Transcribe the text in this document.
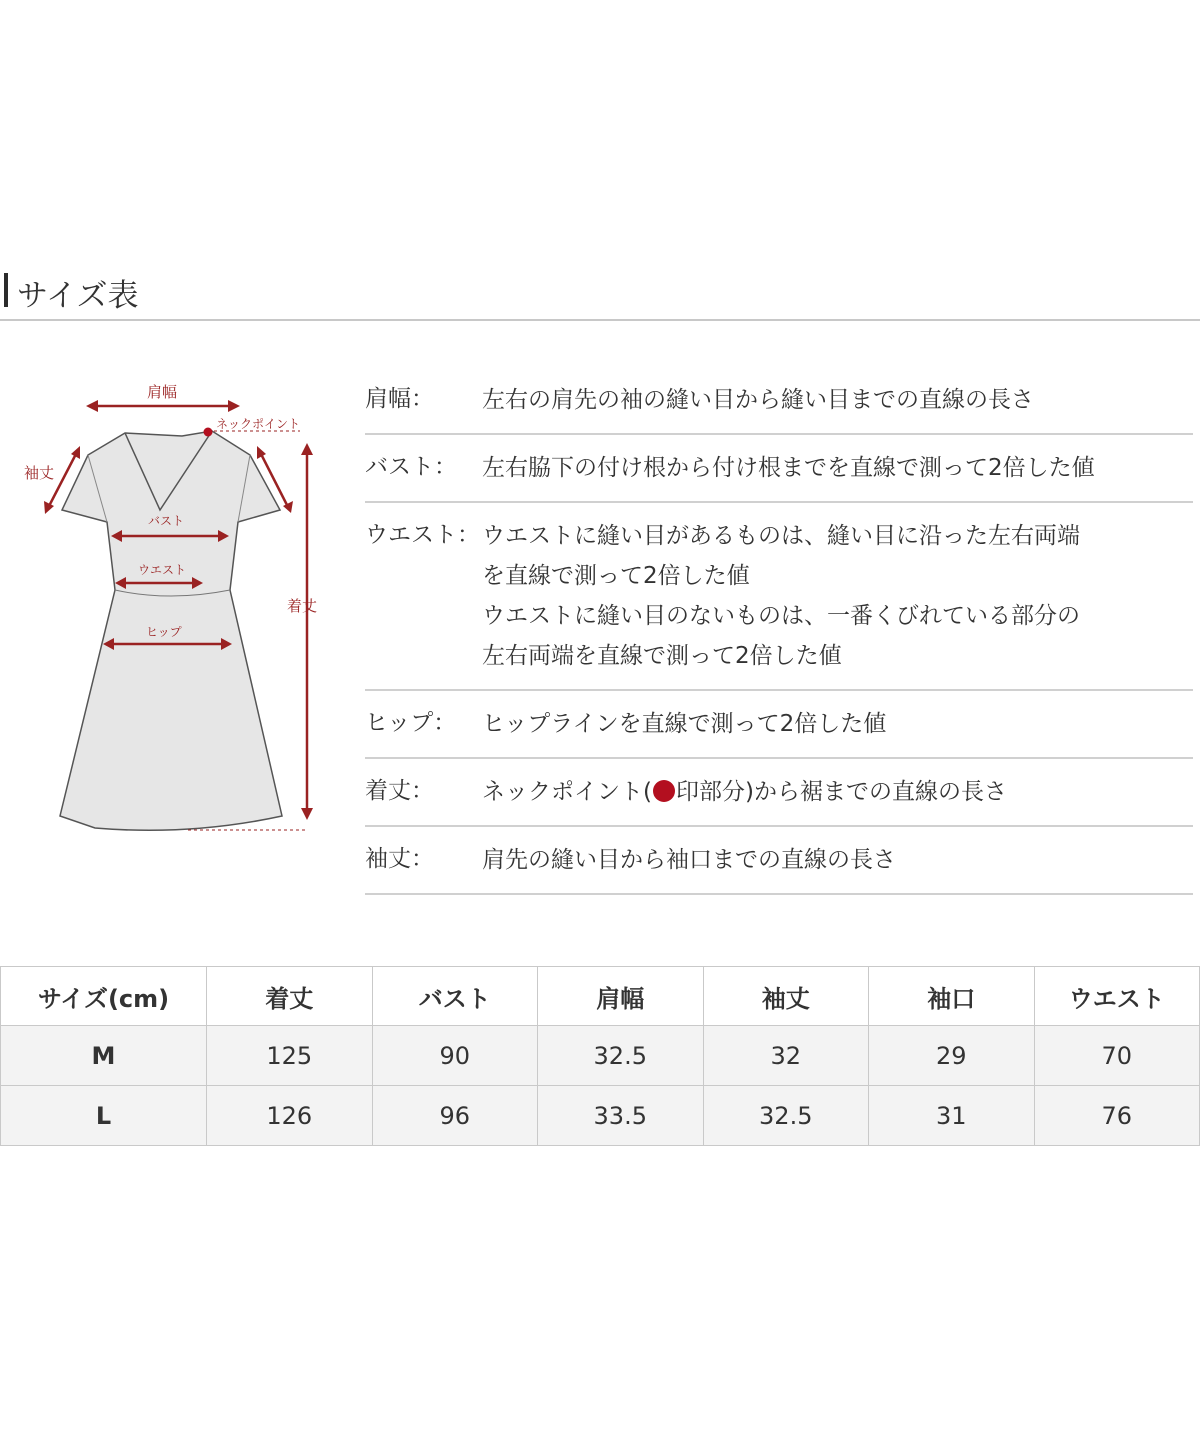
サイズ表
肩幅
ネックポイント
袖丈
バスト
ウエスト
ヒップ
着丈
肩幅： 左右の肩先の袖の縫い目から縫い目までの直線の長さ
バスト： 左右脇下の付け根から付け根までを直線で測って2倍した値
ウエスト： ウエストに縫い目があるものは、縫い目に沿った左右両端
を直線で測って2倍した値
ウエストに縫い目のないものは、一番くびれている部分の
左右両端を直線で測って2倍した値
ヒップ： ヒップラインを直線で測って2倍した値
着丈： ネックポイント( 印部分)から裾までの直線の長さ
袖丈： 肩先の縫い目から袖口までの直線の長さ
サイズ(cm)	着丈	バスト	肩幅	袖丈	袖口	ウエスト
M	125	90	32.5	32	29	70
L	126	96	33.5	32.5	31	76
